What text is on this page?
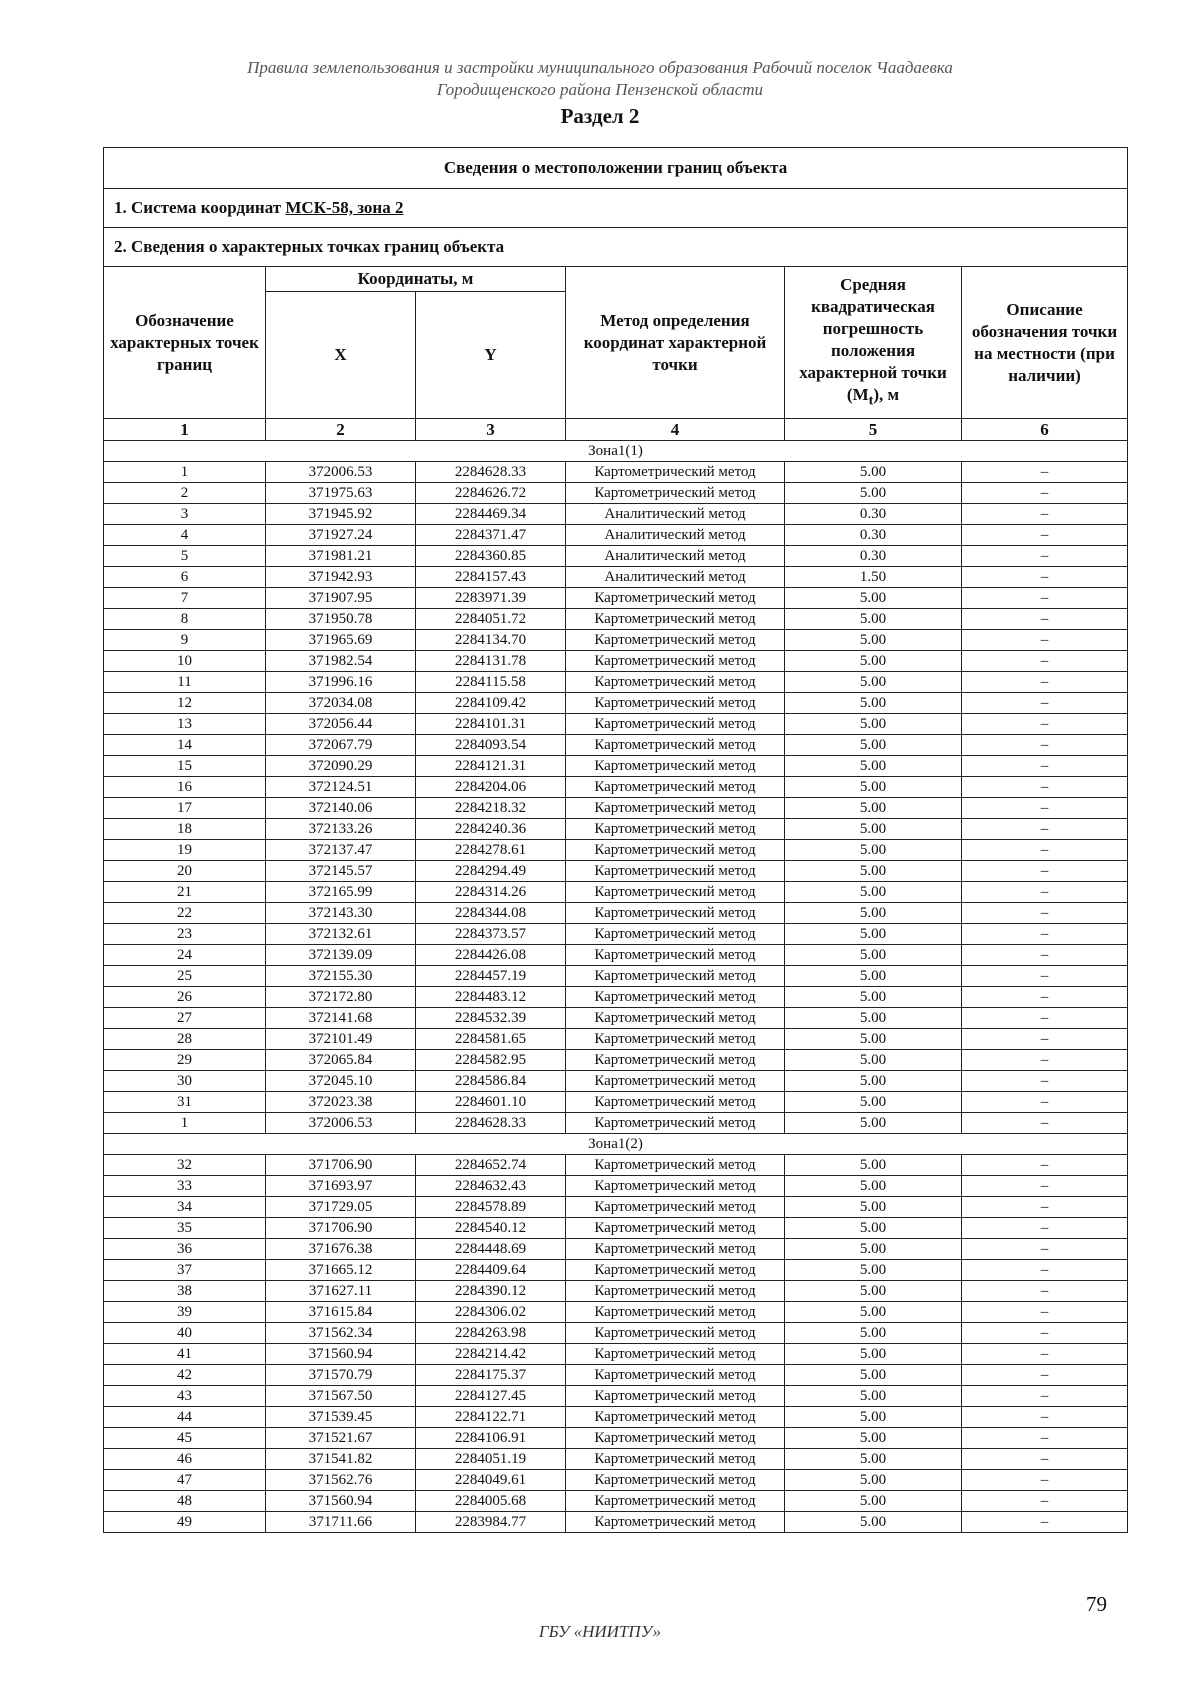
Правила землепользования и застройки муниципального образования Рабочий поселок Чаадаевка
Городищенского района Пензенской области
Раздел 2
Сведения о местоположении границ объекта					
1. Система координат МСК-58, зона 2					
2. Сведения о характерных точках границ объекта					
Обозначение характерных точек границ	Координаты, м		Метод определения координат характерной точки	Средняя квадратическая погрешность положения характерной точки $(M_t)$, м	Описание обозначения точки на местности (при наличии)
	X	Y			
1	2	3	4	5	6
Зона1(1)					
1	372006.53	2284628.33	Картометрический метод	5.00	–
2	371975.63	2284626.72	Картометрический метод	5.00	–
3	371945.92	2284469.34	Аналитический метод	0.30	–
4	371927.24	2284371.47	Аналитический метод	0.30	–
5	371981.21	2284360.85	Аналитический метод	0.30	–
6	371942.93	2284157.43	Аналитический метод	1.50	–
7	371907.95	2283971.39	Картометрический метод	5.00	–
8	371950.78	2284051.72	Картометрический метод	5.00	–
9	371965.69	2284134.70	Картометрический метод	5.00	–
10	371982.54	2284131.78	Картометрический метод	5.00	–
11	371996.16	2284115.58	Картометрический метод	5.00	–
12	372034.08	2284109.42	Картометрический метод	5.00	–
13	372056.44	2284101.31	Картометрический метод	5.00	–
14	372067.79	2284093.54	Картометрический метод	5.00	–
15	372090.29	2284121.31	Картометрический метод	5.00	–
16	372124.51	2284204.06	Картометрический метод	5.00	–
17	372140.06	2284218.32	Картометрический метод	5.00	–
18	372133.26	2284240.36	Картометрический метод	5.00	–
19	372137.47	2284278.61	Картометрический метод	5.00	–
20	372145.57	2284294.49	Картометрический метод	5.00	–
21	372165.99	2284314.26	Картометрический метод	5.00	–
22	372143.30	2284344.08	Картометрический метод	5.00	–
23	372132.61	2284373.57	Картометрический метод	5.00	–
24	372139.09	2284426.08	Картометрический метод	5.00	–
25	372155.30	2284457.19	Картометрический метод	5.00	–
26	372172.80	2284483.12	Картометрический метод	5.00	–
27	372141.68	2284532.39	Картометрический метод	5.00	–
28	372101.49	2284581.65	Картометрический метод	5.00	–
29	372065.84	2284582.95	Картометрический метод	5.00	–
30	372045.10	2284586.84	Картометрический метод	5.00	–
31	372023.38	2284601.10	Картометрический метод	5.00	–
1	372006.53	2284628.33	Картометрический метод	5.00	–
Зона1(2)					
32	371706.90	2284652.74	Картометрический метод	5.00	–
33	371693.97	2284632.43	Картометрический метод	5.00	–
34	371729.05	2284578.89	Картометрический метод	5.00	–
35	371706.90	2284540.12	Картометрический метод	5.00	–
36	371676.38	2284448.69	Картометрический метод	5.00	–
37	371665.12	2284409.64	Картометрический метод	5.00	–
38	371627.11	2284390.12	Картометрический метод	5.00	–
39	371615.84	2284306.02	Картометрический метод	5.00	–
40	371562.34	2284263.98	Картометрический метод	5.00	–
41	371560.94	2284214.42	Картометрический метод	5.00	–
42	371570.79	2284175.37	Картометрический метод	5.00	–
43	371567.50	2284127.45	Картометрический метод	5.00	–
44	371539.45	2284122.71	Картометрический метод	5.00	–
45	371521.67	2284106.91	Картометрический метод	5.00	–
46	371541.82	2284051.19	Картометрический метод	5.00	–
47	371562.76	2284049.61	Картометрический метод	5.00	–
48	371560.94	2284005.68	Картометрический метод	5.00	–
49	371711.66	2283984.77	Картометрический метод	5.00	–
79
ГБУ «НИИТПУ»
